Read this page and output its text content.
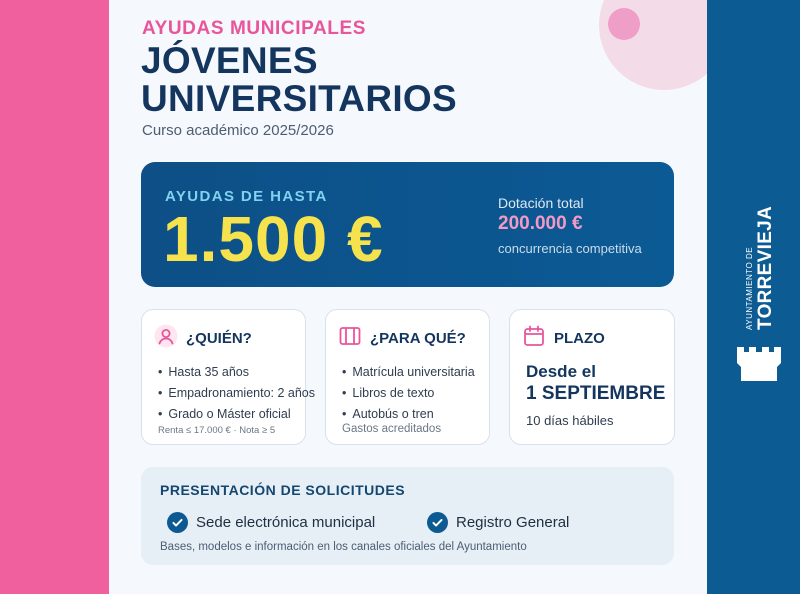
AYUDAS MUNICIPALES
JÓVENES
UNIVERSITARIOS
Curso académico 2025/2026
AYUDAS DE HASTA
1.500 €	Dotación total
200.000 €
concurrencia competitiva
¿QUIÉN?
• Hasta 35 años
• Empadronamiento: 2 años
• Grado o Máster oficial
Renta ≤ 17.000 € · Nota ≥ 5
¿PARA QUÉ?
• Matrícula universitaria
• Libros de texto
• Autobús o tren
Gastos acreditados
PLAZO
Desde el
1 SEPTIEMBRE
10 días hábiles
PRESENTACIÓN DE SOLICITUDES
Sede electrónica municipal	Registro General
Bases, modelos e información en los canales oficiales del Ayuntamiento
AYUNTAMIENTO DE TORREVIEJA
